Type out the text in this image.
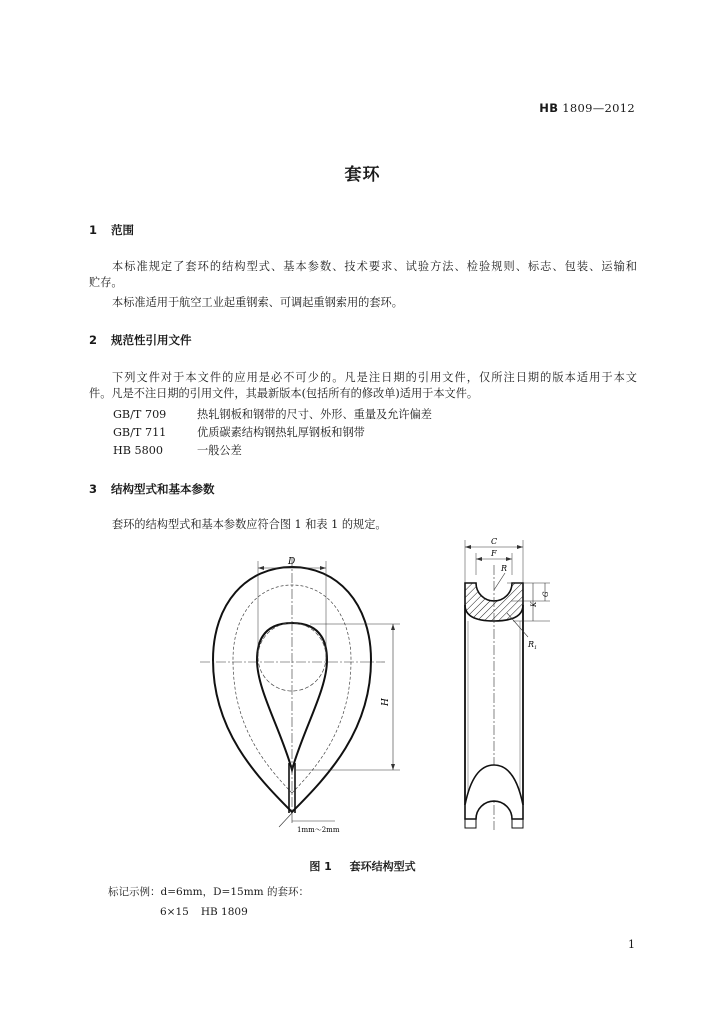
HB 1809—2012
套环
1 范围
本标准规定了套环的结构型式、基本参数、技术要求、试验方法、检验规则、标志、包装、运输和
贮存。
本标准适用于航空工业起重钢索、可调起重钢索用的套环。
2 规范性引用文件
下列文件对于本文件的应用是必不可少的。凡是注日期的引用文件，仅所注日期的版本适用于本文
件。凡是不注日期的引用文件，其最新版本(包括所有的修改单)适用于本文件。
GB/T 709	热轧钢板和钢带的尺寸、外形、重量及允许偏差
GB/T 711	优质碳素结构钢热轧厚钢板和钢带
HB 5800	一般公差
3 结构型式和基本参数
套环的结构型式和基本参数应符合图 1 和表 1 的规定。
D
H
1mm～2mm
C
F
G
K
R
$R_1$
图 1 套环结构型式
标记示例：d=6mm，D=15mm 的套环：
6×15 HB 1809
1
